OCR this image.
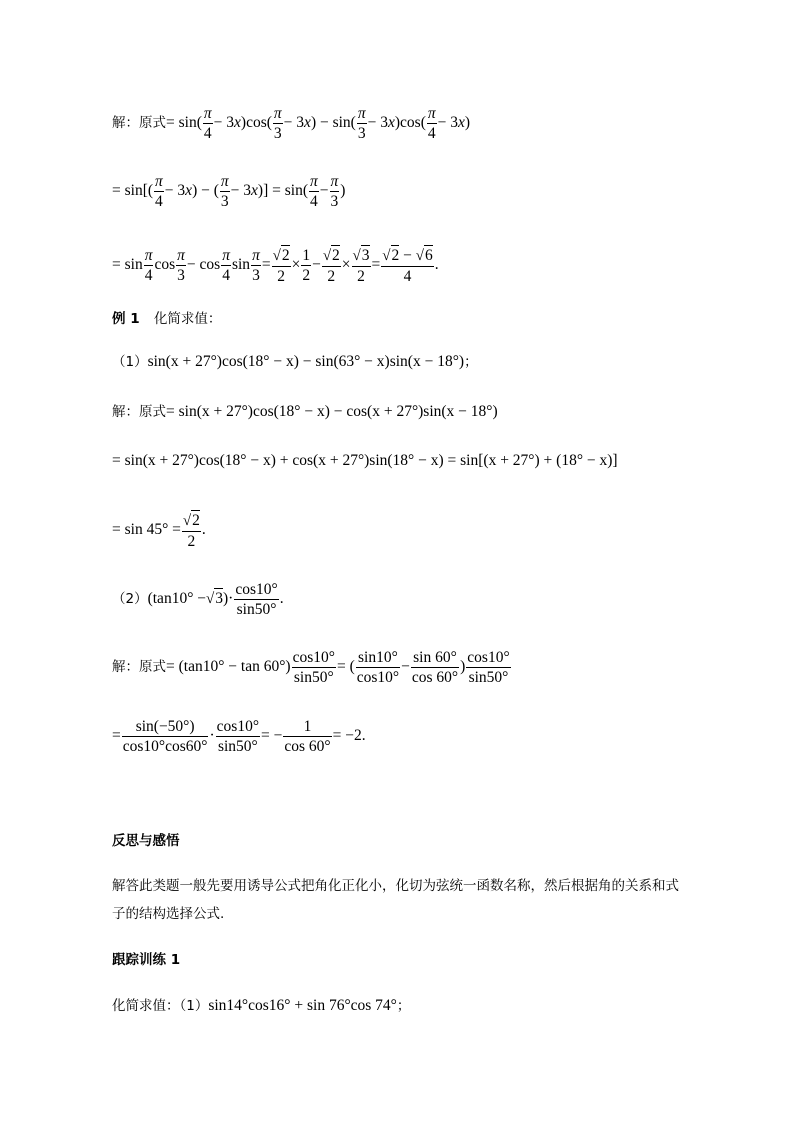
解：原式= $\sin( \frac{\pi}{4} - 3x)\cos( \frac{\pi}{3} - 3x) - \sin( \frac{\pi}{3} - 3x)\cos( \frac{\pi}{4} - 3x)$
= $\sin[( \frac{\pi}{4} - 3x)$ − ( $\frac{\pi}{3} - 3x)] = \sin( \frac{\pi}{4} - \frac{\pi}{3}$ )
= $\sin \frac{\pi}{4}$ $\cos \frac{\pi}{3} - \cos \frac{\pi}{4}$ $\sin \frac{\pi}{3} = \frac{√2}{2} \times \frac{1}{2} - \frac{√2}{2} \times \frac{√3}{2} = \frac{√2 - √6}{4}$ .
例 1 化简求值：
（1）sin(x + 27°)cos(18° − x) − sin(63° − x)sin(x − 18°)；
解：原式= sin(x + 27°)cos(18° − x) − cos(x + 27°)sin(x − 18°)
= sin(x + 27°)cos(18° − x) + cos(x + 27°)sin(18° − x) = sin[(x + 27°) + (18° − x)]
= $\sin 45^\circ = \frac{√2}{2}$ .
$(2)(\tan 10^\circ -√3)\cdot \frac{\cos 10^\circ}{\sin 50^\circ}$ .
解：原式= $(\tan 10^\circ - \tan 60^\circ) \frac{\cos 10^\circ}{\sin 50^\circ}$ = ( $\frac{\sin 10^\circ}{\cos 10^\circ} - \frac{\sin 60^\circ}{\cos 60^\circ}$ ) $\frac{\cos 10^\circ}{\sin 50^\circ}$
= $\frac{\sin(-50^\circ)}{\cos 10^\circ\cos 60^\circ} \cdot \frac{\cos 10^\circ}{\sin 50^\circ}$ = − $\frac{1}{\cos 60^\circ} = -2$.
反思与感悟
解答此类题一般先要用诱导公式把角化正化小，化切为弦统一函数名称，然后根据角的关系和式子的结构选择公式.
跟踪训练 1
化简求值：（1）sin14°cos16° + sin 76°cos 74°；
